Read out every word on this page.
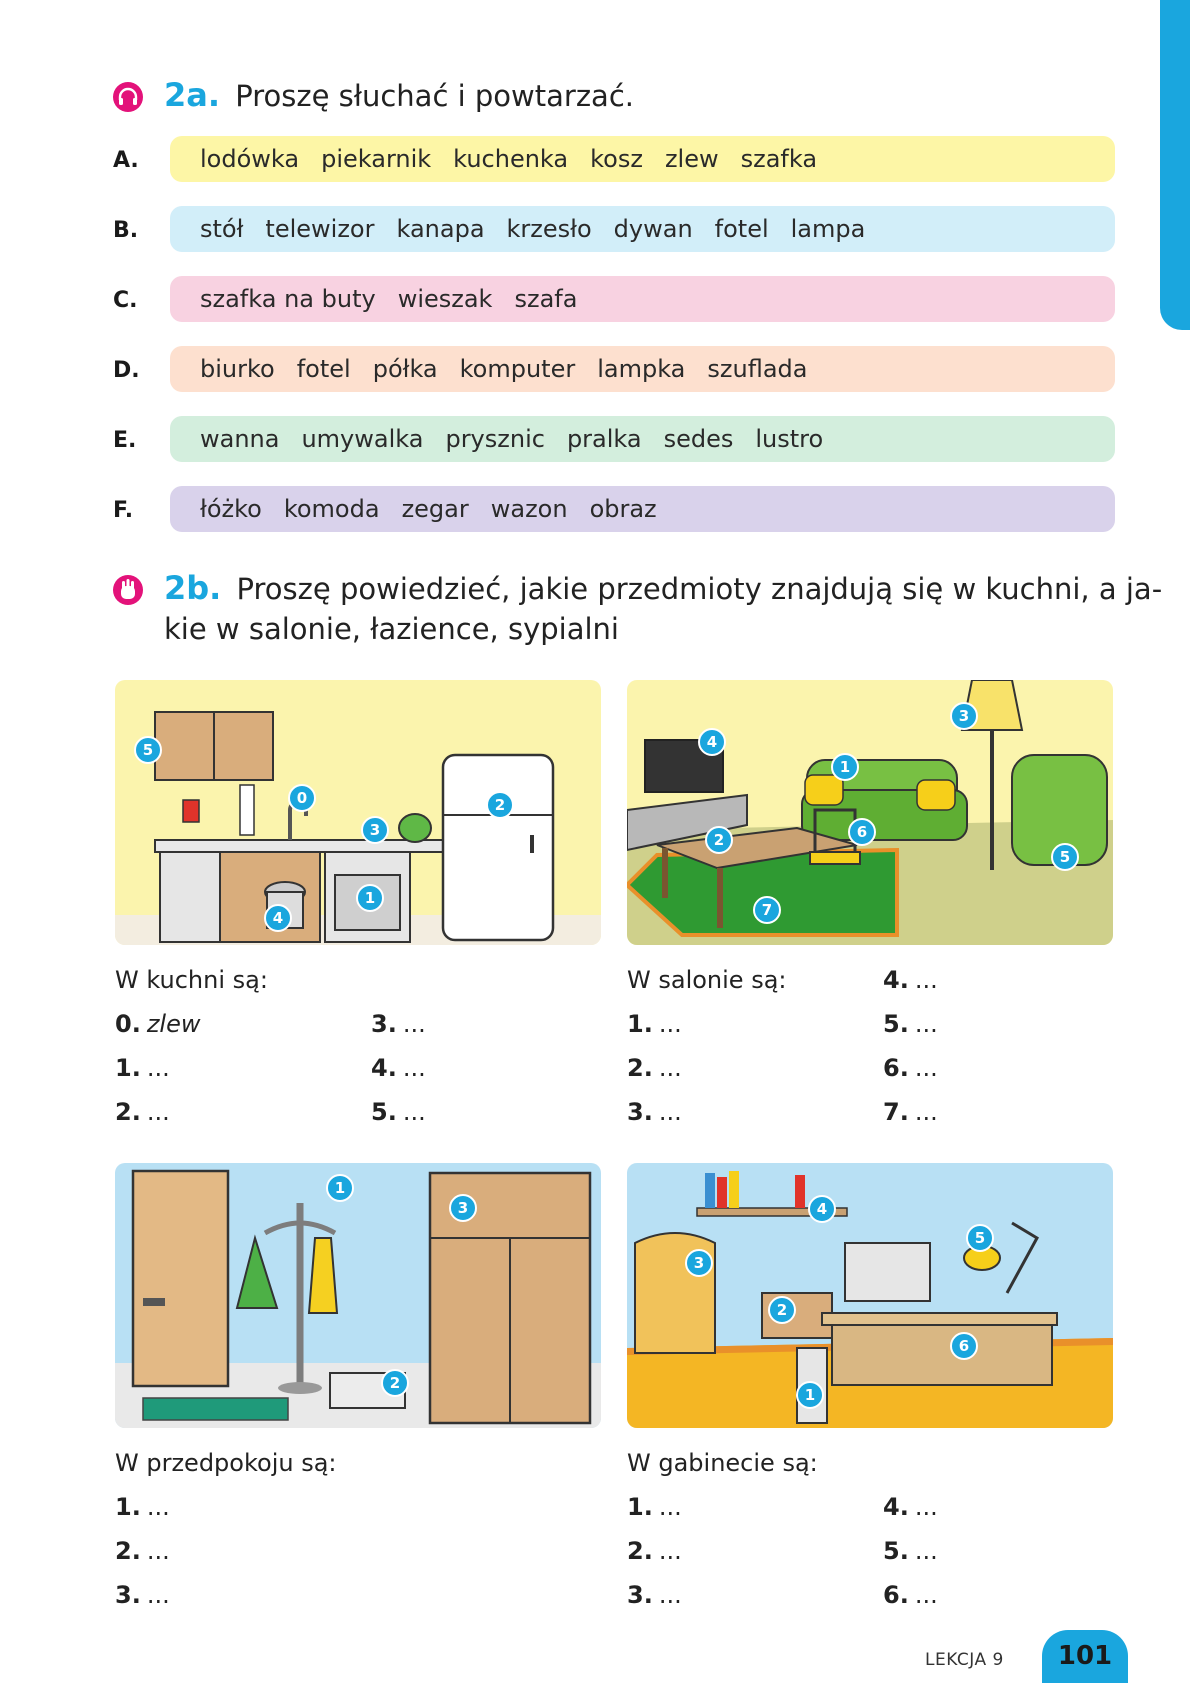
2a. Proszę słuchać i powtarzać.
A.	lodówka piekarnik kuchenka kosz zlew szafka
B.	stół telewizor kanapa krzesło dywan fotel lampa
C.	szafka na buty wieszak szafa
D.	biurko fotel półka komputer lampka szuflada
E.	wanna umywalka prysznic pralka sedes lustro
F.	łóżko komoda zegar wazon obraz
2b. Proszę powiedzieć, jakie przedmioty znajdują się w kuchni, a ja-
kie w salonie, łazience, sypialni
0
1
2
3
4
5
1
2
3
4
5
6
7
1
2
3
1
2
3
4
5
6
W kuchni są:
0. zlew
1. ...
2. ...
3. ...
4. ...
5. ...
W salonie są:
1. ...
2. ...
3. ...
4. ...
5. ...
6. ...
7. ...
W przedpokoju są:
1. ...
2. ...
3. ...
W gabinecie są:
1. ...
2. ...
3. ...
4. ...
5. ...
6. ...
LEKCJA 9	101
